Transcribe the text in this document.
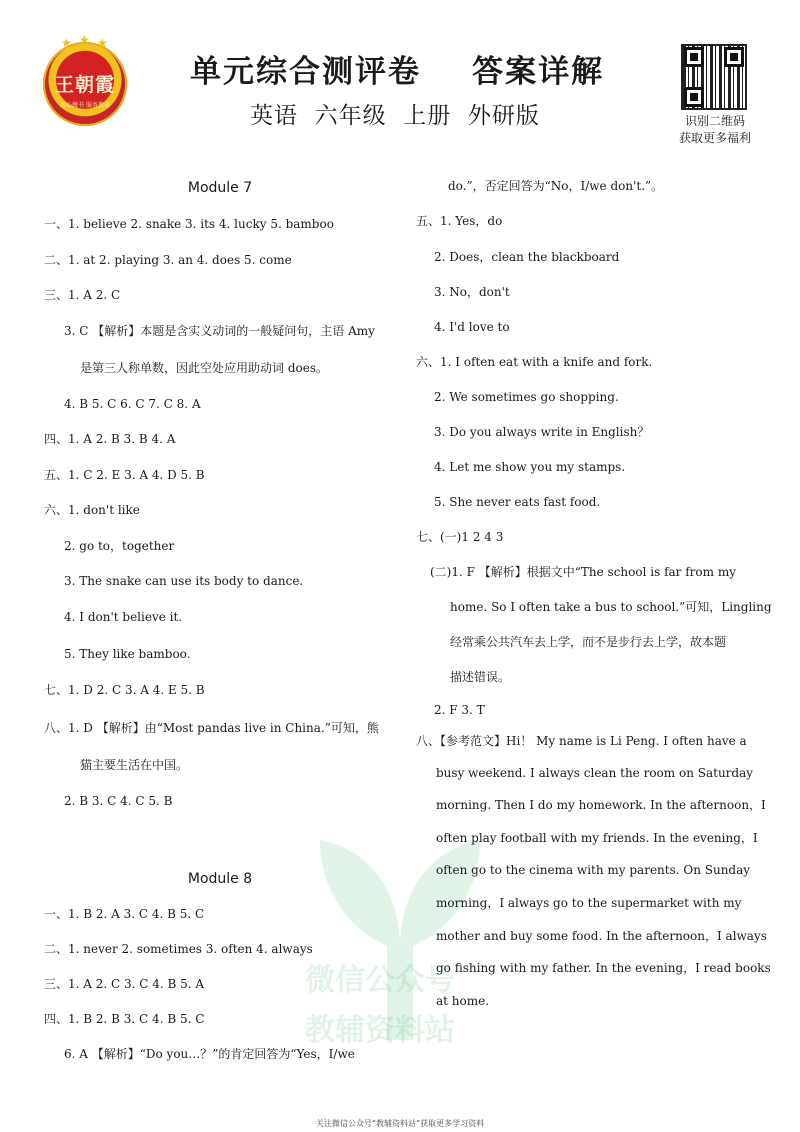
★ ★ ★
王朝霞
用心做书 服务教育
单元综合测评卷    答案详解
英语  六年级  上册  外研版	识别二维码
获取更多福利
微信公众号
教辅资料站
Module 7
一、1. believe 2. snake 3. its 4. lucky 5. bamboo
二、1. at 2. playing 3. an 4. does 5. come
三、1. A 2. C
3. C 【解析】本题是含实义动词的一般疑问句，主语 Amy
是第三人称单数，因此空处应用助动词 does。
4. B 5. C 6. C 7. C 8. A
四、1. A 2. B 3. B 4. A
五、1. C 2. E 3. A 4. D 5. B
六、1. don't like
2. go to，together
3. The snake can use its body to dance.
4. I don't believe it.
5. They like bamboo.
七、1. D 2. C 3. A 4. E 5. B
八、1. D 【解析】由“Most pandas live in China.”可知，熊
猫主要生活在中国。
2. B 3. C 4. C 5. B
Module 8
一、1. B 2. A 3. C 4. B 5. C
二、1. never 2. sometimes 3. often 4. always
三、1. A 2. C 3. C 4. B 5. A
四、1. B 2. B 3. C 4. B 5. C
6. A 【解析】“Do you…？”的肯定回答为“Yes，I/we
do.”，否定回答为“No，I/we don't.”。
五、1. Yes，do
2. Does，clean the blackboard
3. No，don't
4. I'd love to
六、1. I often eat with a knife and fork.
2. We sometimes go shopping.
3. Do you always write in English？
4. Let me show you my stamps.
5. She never eats fast food.
七、(一)1 2 4 3
(二)1. F 【解析】根据文中“The school is far from my
home. So I often take a bus to school.”可知，Lingling
经常乘公共汽车去上学，而不是步行去上学，故本题
描述错误。
2. F 3. T
八、【参考范文】Hi！ My name is Li Peng. I often have a
busy weekend. I always clean the room on Saturday
morning. Then I do my homework. In the afternoon，I
often play football with my friends. In the evening，I
often go to the cinema with my parents. On Sunday
morning，I always go to the supermarket with my
mother and buy some food. In the afternoon，I always
go fishing with my father. In the evening，I read books
at home.
关注微信公众号“教辅资料站”获取更多学习资料
